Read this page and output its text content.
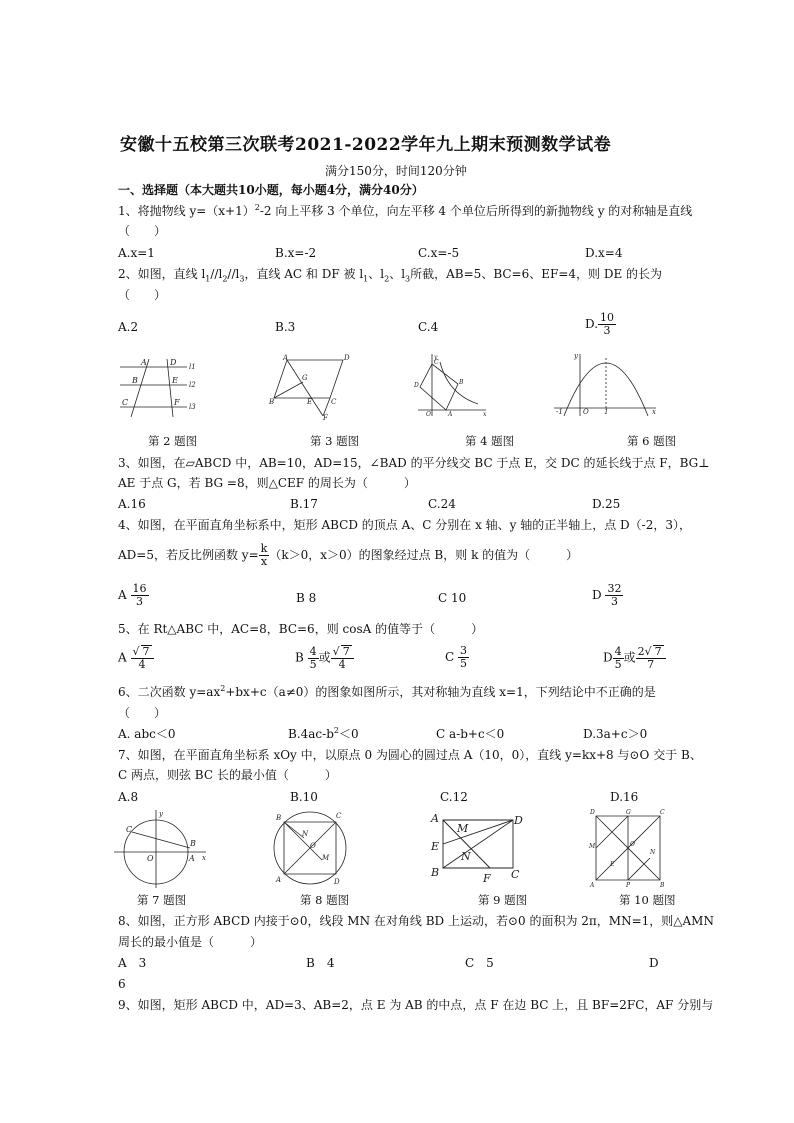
安徽十五校第三次联考2021-2022学年九上期末预测数学试卷
满分150分，时间120分钟
一、选择题（本大题共10小题，每小题4分，满分40分）
1、将抛物线 $y=(x+1)^2-2$ 向上平移 3 个单位，向左平移 4 个单位后所得到的新抛物线 y 的对称轴是直线
（　　）
A.x=1	B.x=-2	C.x=-5	D.x=4
2、如图，直线 $l_1//l_2//l_3$，直线 AC 和 DF 被 $l_1$、$l_2$、$l_3$所截，AB=5、BC=6、EF=4，则 DE 的长为
（　　）
A.2	B.3	C.4	D. $\frac{10}{3}$
A	D
B	E
C	F
l1
l2
l3
A	D
G
B	E	C
F
y
D
C
B
O	A	x
y
-1	O 1	x
第 2 题图	第 3 题图	第 4 题图	第 6 题图
3、如图，在▱ABCD 中，AB=10，AD=15，∠BAD 的平分线交 BC 于点 E，交 DC 的延长线于点 F，BG⊥
AE 于点 G，若 BG =8，则△CEF 的周长为（　　　）
A.16	B.17	C.24	D.25
4、如图，在平面直角坐标系中，矩形 ABCD 的顶点 A、C 分别在 x 轴、y 轴的正半轴上，点 D（-2，3），
AD=5，若反比例函数 $y= \frac{k}{x} (k>0$，x＞0）的图象经过点 B，则 k 的值为（　　　）
A $\frac{16}{3}$	B 8	C 10	D $\frac{32}{3}$
5、在 Rt△ABC 中，AC=8，BC=6，则 cosA 的值等于（　　　）
A $\frac{√ 7}{4}$	B $\frac{4}{5}$ 或 $\frac{√ 7}{4}$	C $\frac{3}{5}$	D $\frac{4}{5}$ 或 $\frac{2√ 7}{7}$
6、二次函数 $y=ax^2+bx+c(a\ne 0)$的图象如图所示，其对称轴为直线 x=1，下列结论中不正确的是
（　　）
A. abc＜0	$B.4ac-b^2<0$	C a-b+c＜0	D.3a+c＞0
7、如图，在平面直角坐标系 xOy 中，以原点 0 为圆心的圆过点 A（10，0），直线 y=kx+8 与⊙O 交于 B、
C 两点，则弦 BC 长的最小值（　　　）
A.8	B.10	C.12	D.16
y
C
B
O	A x
A	D
N
O
M
B	C	A
M
D
E
N
B	F C
D	G	C
M	O
N
E
A	P	B
第 7 题图	第 8 题图	第 9 题图	第 10 题图
8、如图，正方形 ABCD 内接于⊙0，线段 MN 在对角线 BD 上运动，若⊙0 的面积为 2π，MN=1，则△AMN
周长的最小值是（　　　）
A　3	B　4	C　5	D
6
9、如图，矩形 ABCD 中，AD=3、AB=2，点 E 为 AB 的中点，点 F 在边 BC 上，且 BF=2FC，AF 分别与
